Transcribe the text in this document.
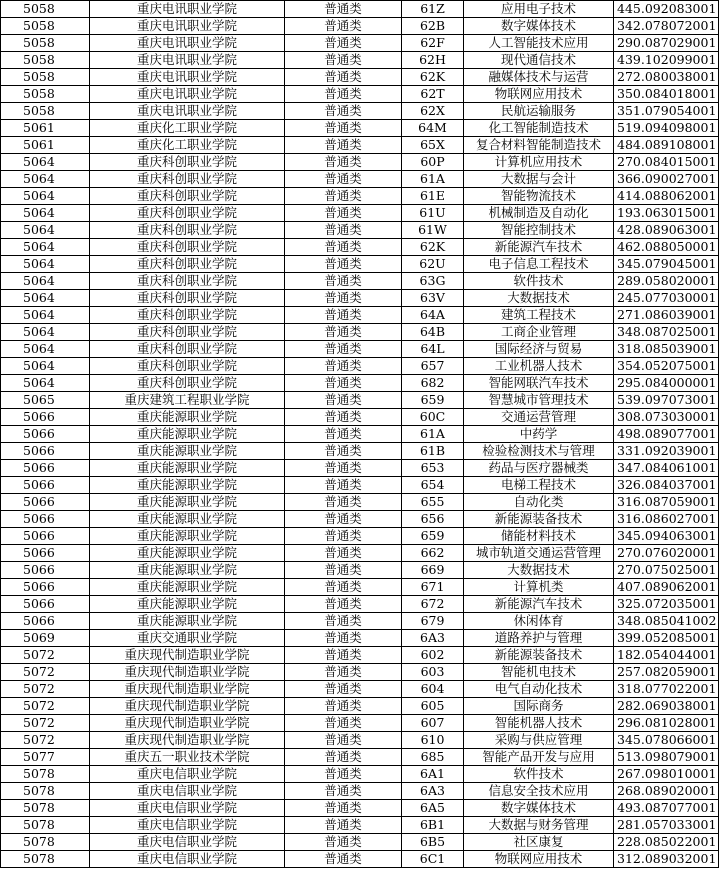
5058	重庆电讯职业学院	普通类	61Z	应用电子技术	445.092083001
5058	重庆电讯职业学院	普通类	62B	数字媒体技术	342.078072001
5058	重庆电讯职业学院	普通类	62F	人工智能技术应用	290.087029001
5058	重庆电讯职业学院	普通类	62H	现代通信技术	439.102099001
5058	重庆电讯职业学院	普通类	62K	融媒体技术与运营	272.080038001
5058	重庆电讯职业学院	普通类	62T	物联网应用技术	350.084018001
5058	重庆电讯职业学院	普通类	62X	民航运输服务	351.079054001
5061	重庆化工职业学院	普通类	64M	化工智能制造技术	519.094098001
5061	重庆化工职业学院	普通类	65X	复合材料智能制造技术	484.089108001
5064	重庆科创职业学院	普通类	60P	计算机应用技术	270.084015001
5064	重庆科创职业学院	普通类	61A	大数据与会计	366.090027001
5064	重庆科创职业学院	普通类	61E	智能物流技术	414.088062001
5064	重庆科创职业学院	普通类	61U	机械制造及自动化	193.063015001
5064	重庆科创职业学院	普通类	61W	智能控制技术	428.089063001
5064	重庆科创职业学院	普通类	62K	新能源汽车技术	462.088050001
5064	重庆科创职业学院	普通类	62U	电子信息工程技术	345.079045001
5064	重庆科创职业学院	普通类	63G	软件技术	289.058020001
5064	重庆科创职业学院	普通类	63V	大数据技术	245.077030001
5064	重庆科创职业学院	普通类	64A	建筑工程技术	271.086039001
5064	重庆科创职业学院	普通类	64B	工商企业管理	348.087025001
5064	重庆科创职业学院	普通类	64L	国际经济与贸易	318.085039001
5064	重庆科创职业学院	普通类	657	工业机器人技术	354.052075001
5064	重庆科创职业学院	普通类	682	智能网联汽车技术	295.084000001
5065	重庆建筑工程职业学院	普通类	659	智慧城市管理技术	539.097073001
5066	重庆能源职业学院	普通类	60C	交通运营管理	308.073030001
5066	重庆能源职业学院	普通类	61A	中药学	498.089077001
5066	重庆能源职业学院	普通类	61B	检验检测技术与管理	331.092039001
5066	重庆能源职业学院	普通类	653	药品与医疗器械类	347.084061001
5066	重庆能源职业学院	普通类	654	电梯工程技术	326.084037001
5066	重庆能源职业学院	普通类	655	自动化类	316.087059001
5066	重庆能源职业学院	普通类	656	新能源装备技术	316.086027001
5066	重庆能源职业学院	普通类	659	储能材料技术	345.094063001
5066	重庆能源职业学院	普通类	662	城市轨道交通运营管理	270.076020001
5066	重庆能源职业学院	普通类	669	大数据技术	270.075025001
5066	重庆能源职业学院	普通类	671	计算机类	407.089062001
5066	重庆能源职业学院	普通类	672	新能源汽车技术	325.072035001
5066	重庆能源职业学院	普通类	679	休闲体育	348.085041002
5069	重庆交通职业学院	普通类	6A3	道路养护与管理	399.052085001
5072	重庆现代制造职业学院	普通类	602	新能源装备技术	182.054044001
5072	重庆现代制造职业学院	普通类	603	智能机电技术	257.082059001
5072	重庆现代制造职业学院	普通类	604	电气自动化技术	318.077022001
5072	重庆现代制造职业学院	普通类	605	国际商务	282.069038001
5072	重庆现代制造职业学院	普通类	607	智能机器人技术	296.081028001
5072	重庆现代制造职业学院	普通类	610	采购与供应管理	345.078066001
5077	重庆五一职业技术学院	普通类	685	智能产品开发与应用	513.098079001
5078	重庆电信职业学院	普通类	6A1	软件技术	267.098010001
5078	重庆电信职业学院	普通类	6A3	信息安全技术应用	268.089020001
5078	重庆电信职业学院	普通类	6A5	数字媒体技术	493.087077001
5078	重庆电信职业学院	普通类	6B1	大数据与财务管理	281.057033001
5078	重庆电信职业学院	普通类	6B5	社区康复	228.085022001
5078	重庆电信职业学院	普通类	6C1	物联网应用技术	312.089032001
